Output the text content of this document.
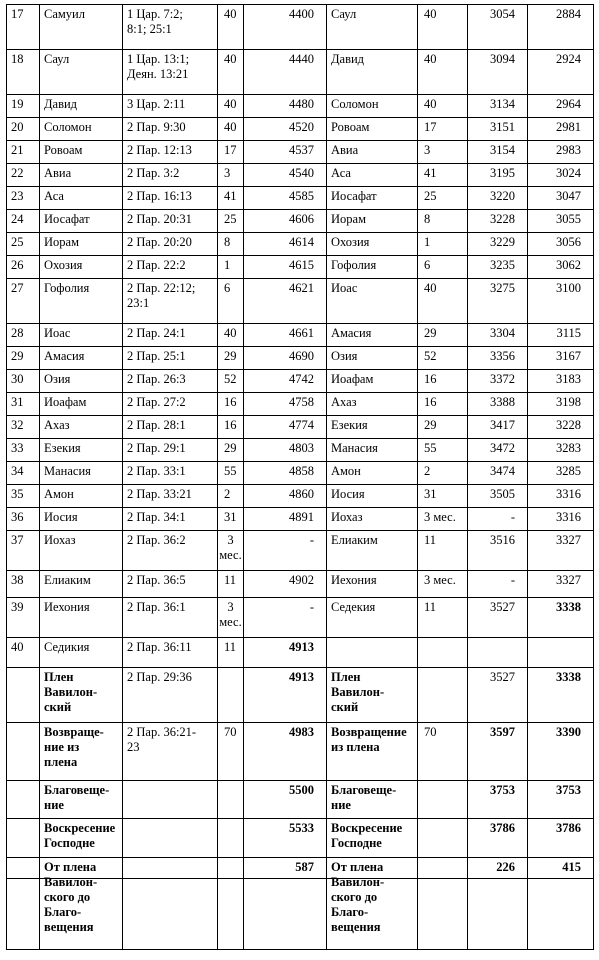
17	Самуил	1 Цар. 7:2;
8:1; 25:1	40	4400	Саул	40	3054	2884
18	Саул	1 Цар. 13:1;
Деян. 13:21	40	4440	Давид	40	3094	2924
19	Давид	3 Цар. 2:11	40	4480	Соломон	40	3134	2964
20	Соломон	2 Пар. 9:30	40	4520	Ровоам	17	3151	2981
21	Ровоам	2 Пар. 12:13	17	4537	Авиа	3	3154	2983
22	Авиа	2 Пар. 3:2	3	4540	Аса	41	3195	3024
23	Аса	2 Пар. 16:13	41	4585	Иосафат	25	3220	3047
24	Иосафат	2 Пар. 20:31	25	4606	Иорам	8	3228	3055
25	Иорам	2 Пар. 20:20	8	4614	Охозия	1	3229	3056
26	Охозия	2 Пар. 22:2	1	4615	Гофолия	6	3235	3062
27	Гофолия	2 Пар. 22:12;
23:1	6	4621	Иоас	40	3275	3100
28	Иоас	2 Пар. 24:1	40	4661	Амасия	29	3304	3115
29	Амасия	2 Пар. 25:1	29	4690	Озия	52	3356	3167
30	Озия	2 Пар. 26:3	52	4742	Иоафам	16	3372	3183
31	Иоафам	2 Пар. 27:2	16	4758	Ахаз	16	3388	3198
32	Ахаз	2 Пар. 28:1	16	4774	Езекия	29	3417	3228
33	Езекия	2 Пар. 29:1	29	4803	Манасия	55	3472	3283
34	Манасия	2 Пар. 33:1	55	4858	Амон	2	3474	3285
35	Амон	2 Пар. 33:21	2	4860	Иосия	31	3505	3316
36	Иосия	2 Пар. 34:1	31	4891	Иохаз	3 мес.	-	3316
37	Иохаз	2 Пар. 36:2	3
мес.	-	Елиаким	11	3516	3327
38	Елиаким	2 Пар. 36:5	11	4902	Иехония	3 мес.	-	3327
39	Иехония	2 Пар. 36:1	3
мес.	-	Седекия	11	3527	3338
40	Седикия	2 Пар. 36:11	11	4913				
	Плен
Вавилон-
ский	2 Пар. 29:36		4913	Плен
Вавилон-
ский		3527	3338
	Возвраще-
ние из
плена	2 Пар. 36:21-
23	70	4983	Возвращение
из плена	70	3597	3390
	Благовеще-
ние			5500	Благовеще-
ние		3753	3753
	Воскресение
Господне			5533	Воскресение
Господне		3786	3786
	От плена
Вавилон-
ского до
Благо-
вещения			587	От плена
Вавилон-
ского до
Благо-
вещения		226	415
